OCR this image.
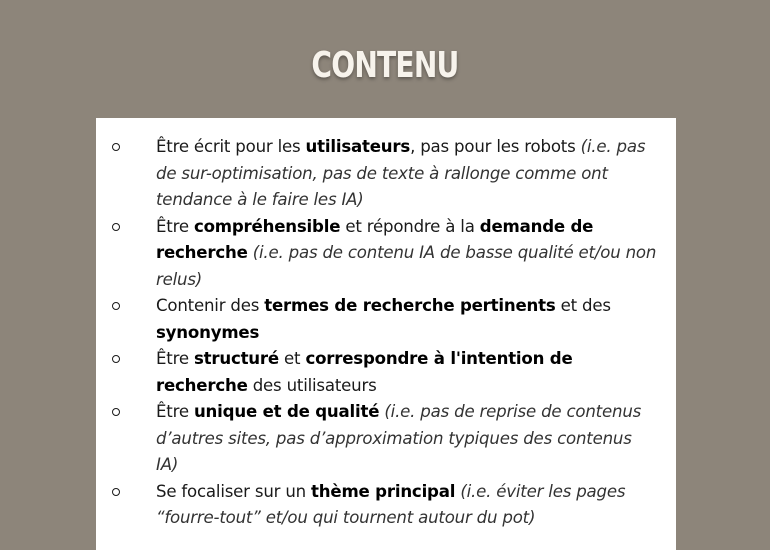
CONTENU
Être écrit pour les utilisateurs, pas pour les robots (i.e. pas de sur-optimisation, pas de texte à rallonge comme ont tendance à le faire les IA)
Être compréhensible et répondre à la demande de recherche (i.e. pas de contenu IA de basse qualité et/ou non relus)
Contenir des termes de recherche pertinents et des synonymes
Être structuré et correspondre à l'intention de recherche des utilisateurs
Être unique et de qualité (i.e. pas de reprise de contenus d’autres sites, pas d’approximation typiques des contenus IA)
Se focaliser sur un thème principal (i.e. éviter les pages “fourre-tout” et/ou qui tournent autour du pot)
